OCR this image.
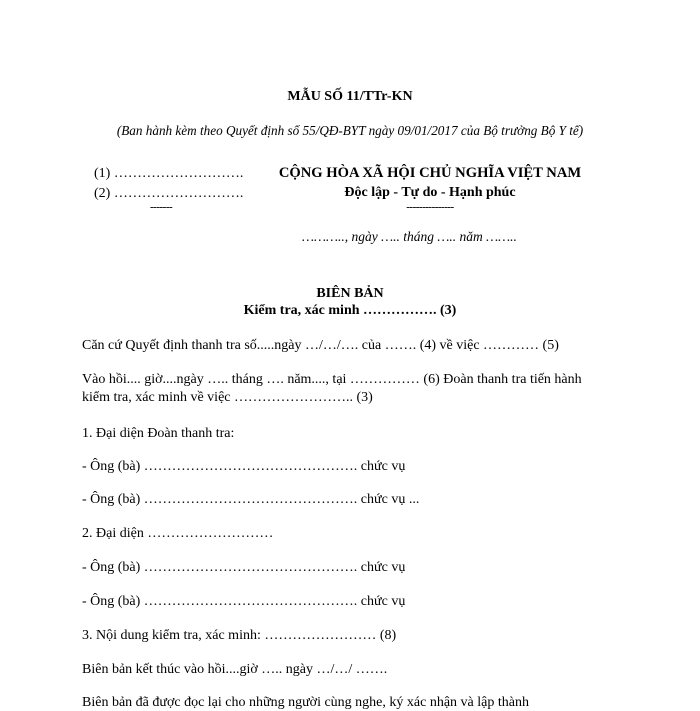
MẪU SỐ 11/TTr-KN
(Ban hành kèm theo Quyết định số 55/QĐ-BYT ngày 09/01/2017 của Bộ trưởng Bộ Y tế)
(1) ……………………….
(2) ……………………….
-------
CỘNG HÒA XÃ HỘI CHỦ NGHĨA VIỆT NAM
Độc lập - Tự do - Hạnh phúc
---------------
……….., ngày ….. tháng ….. năm ……..
BIÊN BẢN
Kiểm tra, xác minh ……………. (3)
Căn cứ Quyết định thanh tra số.....ngày …/…/…. của ……. (4) về việc ………… (5)
Vào hồi.... giờ....ngày ….. tháng …. năm...., tại …………… (6) Đoàn thanh tra tiến hành
kiểm tra, xác minh về việc …………………….. (3)
1. Đại diện Đoàn thanh tra:
- Ông (bà) ………………………………………. chức vụ
- Ông (bà) ………………………………………. chức vụ ...
2. Đại diện ………………………
- Ông (bà) ………………………………………. chức vụ
- Ông (bà) ………………………………………. chức vụ
3. Nội dung kiểm tra, xác minh: …………………… (8)
Biên bản kết thúc vào hồi....giờ ….. ngày …/…/ …….
Biên bản đã được đọc lại cho những người cùng nghe, ký xác nhận và lập thành
